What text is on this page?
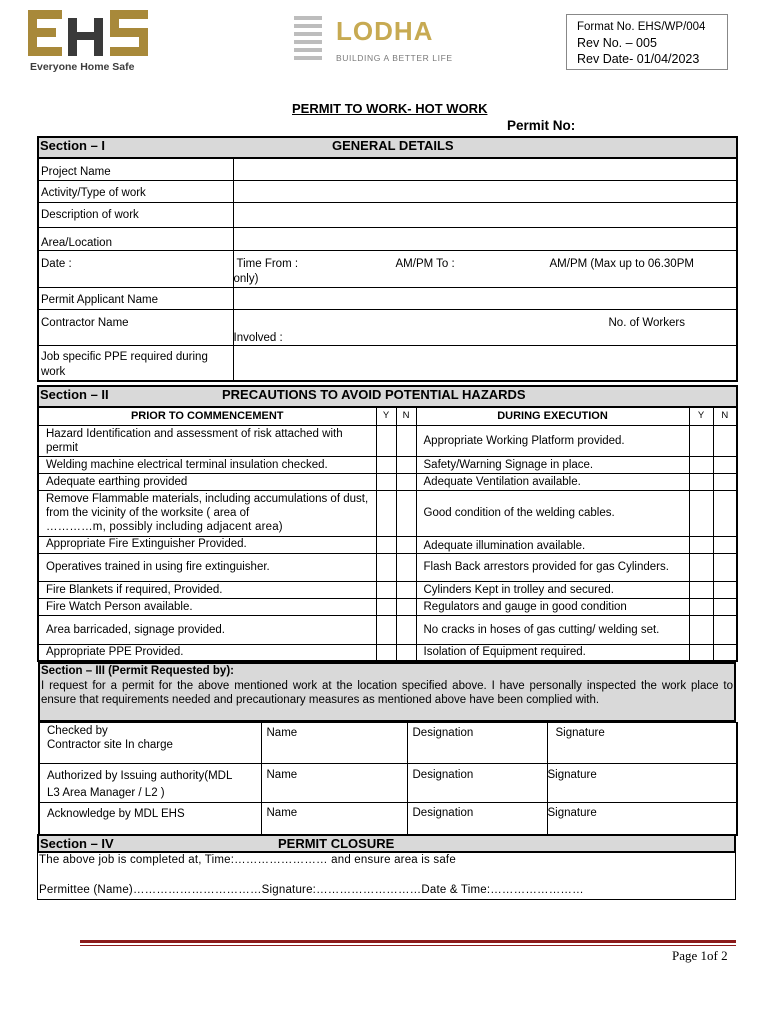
Everyone Home Safe
LODHA
BUILDING A BETTER LIFE
Format No. EHS/WP/004
Rev No. – 005
Rev Date- 01/04/2023
PERMIT TO WORK- HOT WORK
Permit No:
Section – I GENERAL DETAILS	

Project Name	
Activity/Type of work	
Description of work	
Area/Location	
Date :	Time From : AM/PM To : AM/PM (Max up to 06.30PM
only)

Permit Applicant Name	
Contractor Name	No. of Workers
Involved :

Job specific PPE required during
work	
Section – II PRECAUTIONS TO AVOID POTENTIAL HAZARDS					

PRIOR TO COMMENCEMENT	Y	N	DURING EXECUTION	Y	N
Hazard Identification and assessment of risk attached with permit			Appropriate Working Platform provided.		
Welding machine electrical terminal insulation checked.			Safety/Warning Signage in place.		
Adequate earthing provided			Adequate Ventilation available.		
Remove Flammable materials, including accumulations of dust, from the vicinity of the worksite ( area of
…………m, possibly including adjacent area)			Good condition of the welding cables.		
Appropriate Fire Extinguisher Provided.			Adequate illumination available.		
Operatives trained in using fire extinguisher.			Flash Back arrestors provided for gas Cylinders.		
Fire Blankets if required, Provided.			Cylinders Kept in trolley and secured.		
Fire Watch Person available.			Regulators and gauge in good condition		
Area barricaded, signage provided.			No cracks in hoses of gas cutting/ welding set.		
Appropriate PPE Provided.			Isolation of Equipment required.		
Section – III (Permit Requested by):
I request for a permit for the above mentioned work at the location specified above. I have personally inspected the work place to ensure that requirements needed and precautionary measures as mentioned above have been complied with.
Checked by
Contractor site In charge	Name	Designation	Signature
Authorized by Issuing authority(MDL
L3 Area Manager / L2 )	Name	Designation	Signature
Acknowledge by MDL EHS	Name	Designation	Signature
Section – IV	PERMIT CLOSURE
The above job is completed at, Time:…………………… and ensure area is safe
Permittee (Name)……………………………Signature:………………………Date & Time:……………………
Page 1of 2
